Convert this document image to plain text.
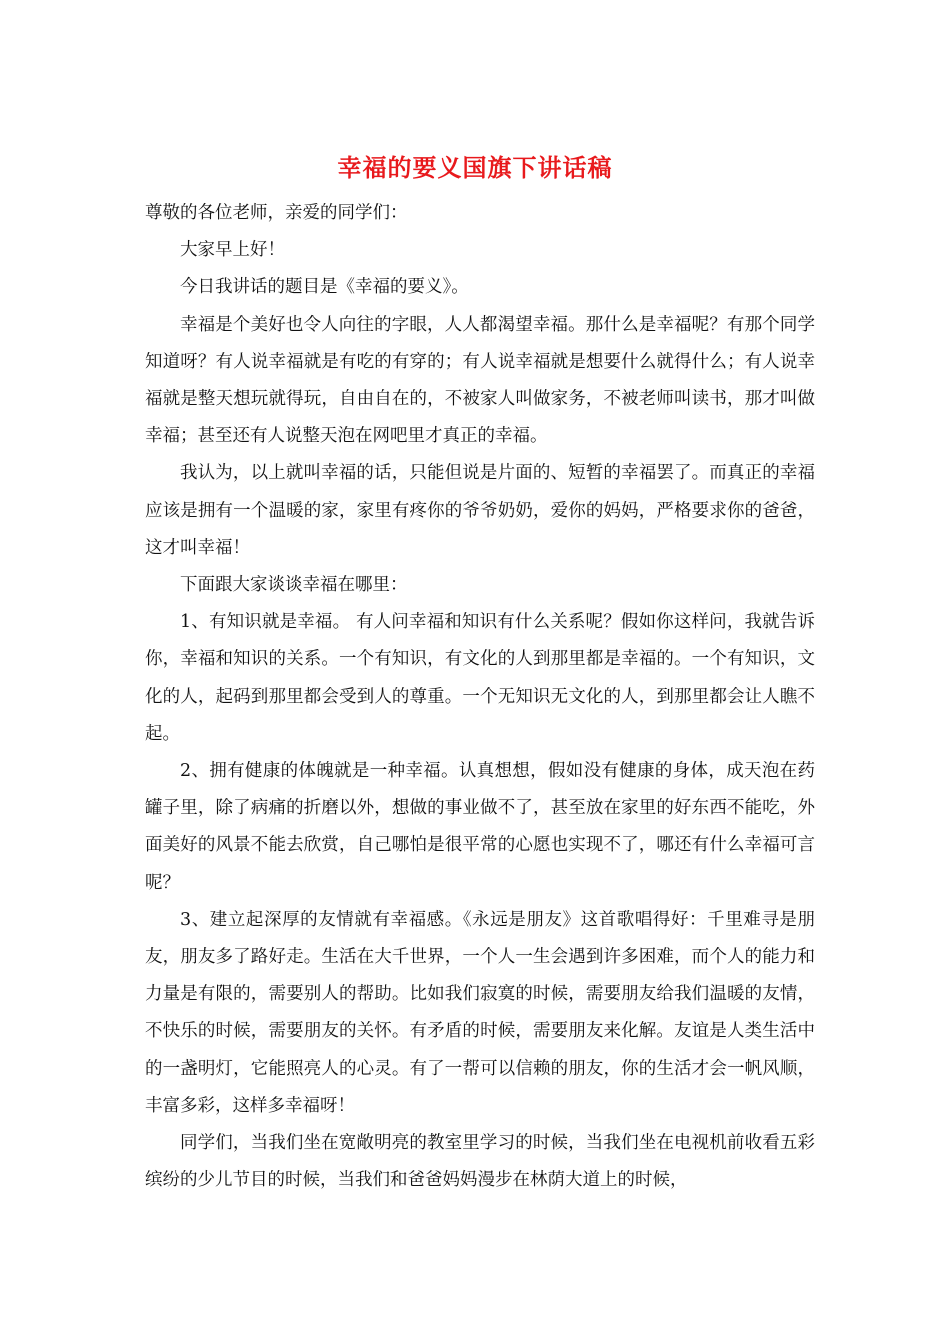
幸福的要义国旗下讲话稿

尊敬的各位老师，亲爱的同学们：

大家早上好！

今日我讲话的题目是《幸福的要义》。

幸福是个美好也令人向往的字眼，人人都渴望幸福。那什么是幸福呢？有那个同学知道呀？有人说幸福就是有吃的有穿的；有人说幸福就是想要什么就得什么；有人说幸福就是整天想玩就得玩，自由自在的，不被家人叫做家务，不被老师叫读书，那才叫做幸福；甚至还有人说整天泡在网吧里才真正的幸福。

我认为，以上就叫幸福的话，只能但说是片面的、短暂的幸福罢了。而真正的幸福应该是拥有一个温暖的家，家里有疼你的爷爷奶奶，爱你的妈妈，严格要求你的爸爸，这才叫幸福！

下面跟大家谈谈幸福在哪里：

1、有知识就是幸福。 有人问幸福和知识有什么关系呢？假如你这样问，我就告诉你，幸福和知识的关系。一个有知识，有文化的人到那里都是幸福的。一个有知识，文化的人，起码到那里都会受到人的尊重。一个无知识无文化的人，到那里都会让人瞧不起。

2、拥有健康的体魄就是一种幸福。认真想想，假如没有健康的身体，成天泡在药罐子里，除了病痛的折磨以外，想做的事业做不了，甚至放在家里的好东西不能吃，外面美好的风景不能去欣赏，自己哪怕是很平常的心愿也实现不了，哪还有什么幸福可言呢？

3、建立起深厚的友情就有幸福感。《永远是朋友》这首歌唱得好：千里难寻是朋友，朋友多了路好走。生活在大千世界，一个人一生会遇到许多困难，而个人的能力和力量是有限的，需要别人的帮助。比如我们寂寞的时候，需要朋友给我们温暖的友情，不快乐的时候，需要朋友的关怀。有矛盾的时候，需要朋友来化解。友谊是人类生活中的一盏明灯，它能照亮人的心灵。有了一帮可以信赖的朋友，你的生活才会一帆风顺，丰富多彩，这样多幸福呀！

同学们，当我们坐在宽敞明亮的教室里学习的时候，当我们坐在电视机前收看五彩缤纷的少儿节目的时候，当我们和爸爸妈妈漫步在林荫大道上的时候，
